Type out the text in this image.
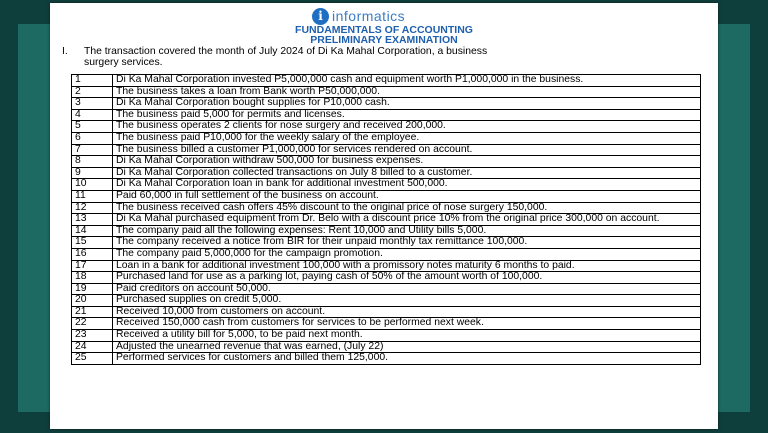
i informatics
FUNDAMENTALS OF ACCOUNTING
PRELIMINARY EXAMINATION
I. The transaction covered the month of July 2024 of Di Ka Mahal Corporation, a business
surgery services.
1	Di Ka Mahal Corporation invested P5,000,000 cash and equipment worth P1,000,000 in the business.
2	The business takes a loan from Bank worth P50,000,000.
3	Di Ka Mahal Corporation bought supplies for P10,000 cash.
4	The business paid 5,000 for permits and licenses.
5	The business operates 2 clients for nose surgery and received 200,000.
6	The business paid P10,000 for the weekly salary of the employee.
7	The business billed a customer P1,000,000 for services rendered on account.
8	Di Ka Mahal Corporation withdraw 500,000 for business expenses.
9	Di Ka Mahal Corporation collected transactions on July 8 billed to a customer.
10	Di Ka Mahal Corporation loan in bank for additional investment 500,000.
11	Paid 60,000 in full settlement of the business on account.
12	The business received cash offers 45% discount to the original price of nose surgery 150,000.
13	Di Ka Mahal purchased equipment from Dr. Belo with a discount price 10% from the original price 300,000 on account.
14	The company paid all the following expenses: Rent 10,000 and Utility bills 5,000.
15	The company received a notice from BIR for their unpaid monthly tax remittance 100,000.
16	The company paid 5,000,000 for the campaign promotion.
17	Loan in a bank for additional investment 100,000 with a promissory notes maturity 6 months to paid.
18	Purchased land for use as a parking lot, paying cash of 50% of the amount worth of 100,000.
19	Paid creditors on account 50,000.
20	Purchased supplies on credit 5,000.
21	Received 10,000 from customers on account.
22	Received 150,000 cash from customers for services to be performed next week.
23	Received a utility bill for 5,000, to be paid next month.
24	Adjusted the unearned revenue that was earned, (July 22)
25	Performed services for customers and billed them 125,000.
